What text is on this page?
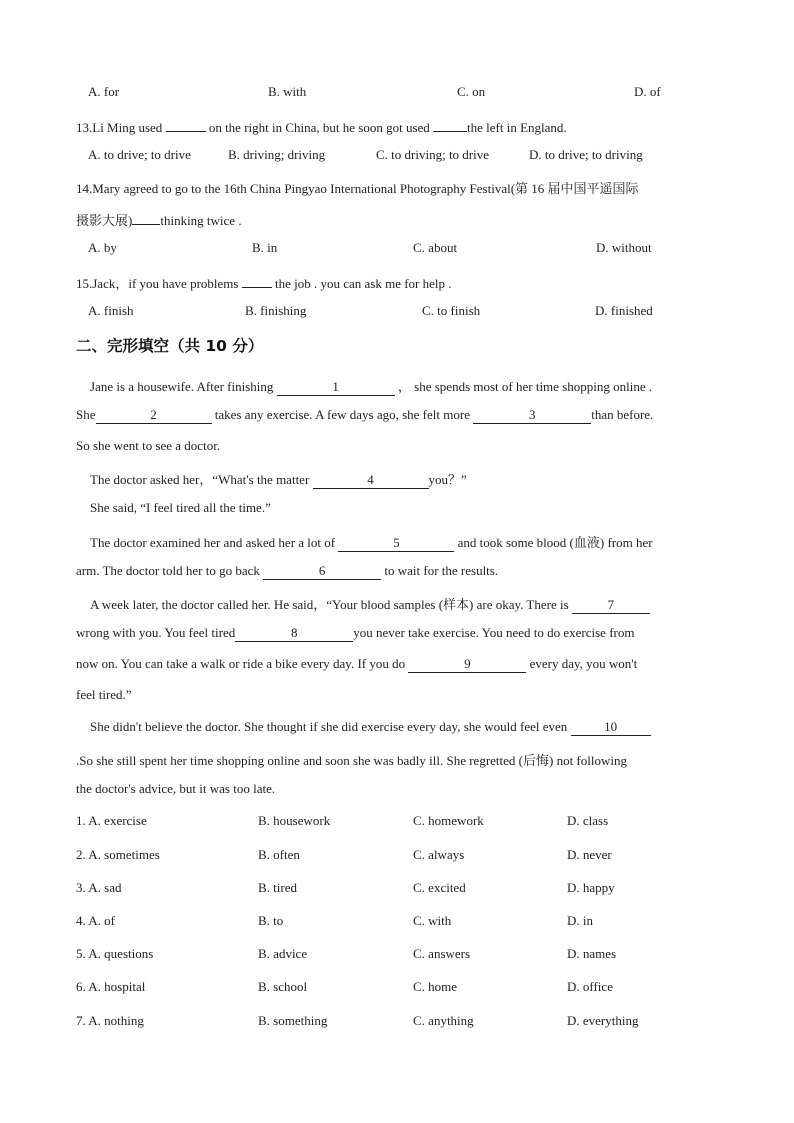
A. for	B. with	C. on	D. of
13.Li Ming used	on the right in China, but he soon got used	the left in England.
A. to drive; to drive	B. driving; driving	C. to driving; to drive	D. to drive; to driving
14.Mary agreed to go to the 16th China Pingyao International Photography Festival(第 16 届中国平遥国际
摄影大展) thinking twice .
A. by	B. in	C. about	D. without
15.Jack，if you have problems  the job . you can ask me for help .
A. finish	B. finishing	C. to finish	D. finished
二、完形填空（共 10 分）
Jane is a housewife. After finishing	1	， she spends most of her time shopping online .
She	2	takes any exercise. A few days ago, she felt more	3	than before.
So she went to see a doctor.
The doctor asked her，“What's the matter	4	you？”
She said, “I feel tired all the time.”
The doctor examined her and asked her a lot of	5	and took some blood (血液) from her
arm. The doctor told her to go back	6	to wait for the results.
A week later, the doctor called her. He said，“Your blood samples (样本) are okay. There is	7
wrong with you. You feel tired	8	you never take exercise. You need to do exercise from
now on. You can take a walk or ride a bike every day. If you do	9	every day, you won't
feel tired.”
She didn't believe the doctor. She thought if she did exercise every day, she would feel even	10
.So she still spent her time shopping online and soon she was badly ill. She regretted (后悔) not following
the doctor's advice, but it was too late.
1. A. exercise	B. housework	C. homework	D. class
2. A. sometimes	B. often	C. always	D. never
3. A. sad	B. tired	C. excited	D. happy
4. A. of	B. to	C. with	D. in
5. A. questions	B. advice	C. answers	D. names
6. A. hospital	B. school	C. home	D. office
7. A. nothing	B. something	C. anything	D. everything
